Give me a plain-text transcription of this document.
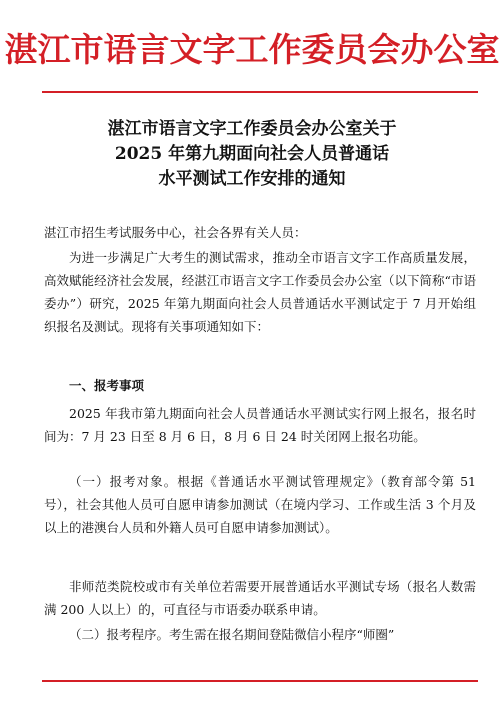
湛江市语言文字工作委员会办公室
湛江市语言文字工作委员会办公室关于
2025 年第九期面向社会人员普通话
水平测试工作安排的通知
湛江市招生考试服务中心，社会各界有关人员：
为进一步满足广大考生的测试需求，推动全市语言文字工作高质量发展，高效赋能经济社会发展，经湛江市语言文字工作委员会办公室（以下简称“市语委办”）研究，2025 年第九期面向社会人员普通话水平测试定于 7 月开始组织报名及测试。现将有关事项通知如下：
一、报考事项
2025 年我市第九期面向社会人员普通话水平测试实行网上报名，报名时间为：7 月 23 日至 8 月 6 日，8 月 6 日 24 时关闭网上报名功能。
（一）报考对象。根据《普通话水平测试管理规定》（教育部令第 51 号），社会其他人员可自愿申请参加测试（在境内学习、工作或生活 3 个月及以上的港澳台人员和外籍人员可自愿申请参加测试）。
非师范类院校或市有关单位若需要开展普通话水平测试专场（报名人数需满 200 人以上）的，可直径与市语委办联系申请。
（二）报考程序。考生需在报名期间登陆微信小程序“师圈”
